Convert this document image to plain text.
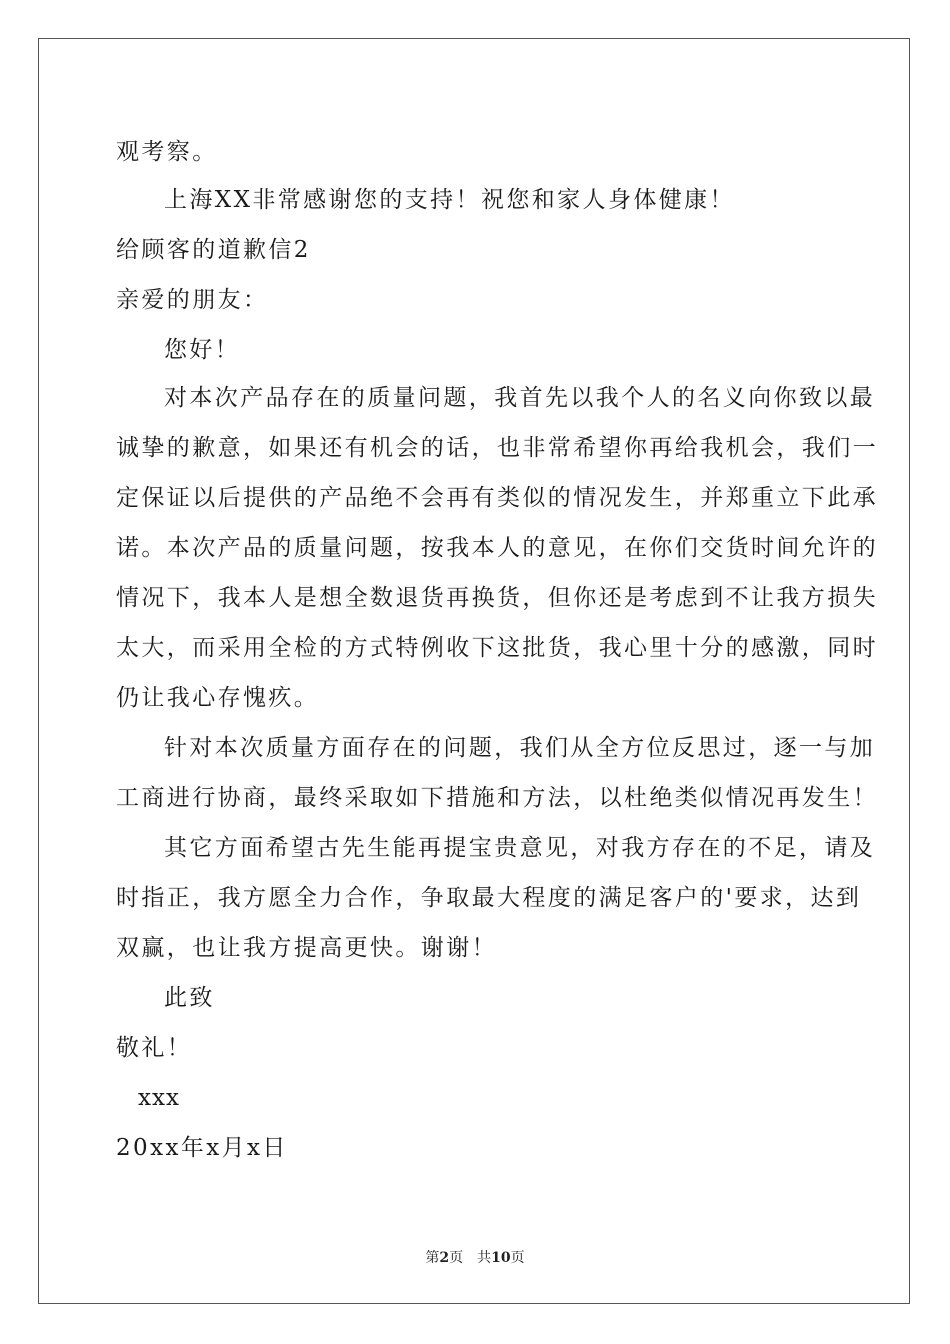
观考察。
上海XX非常感谢您的支持！祝您和家人身体健康！
给顾客的道歉信2
亲爱的朋友：
您好！
对本次产品存在的质量问题，我首先以我个人的名义向你致以最
诚挚的歉意，如果还有机会的话，也非常希望你再给我机会，我们一
定保证以后提供的产品绝不会再有类似的情况发生，并郑重立下此承
诺。本次产品的质量问题，按我本人的意见，在你们交货时间允许的
情况下，我本人是想全数退货再换货，但你还是考虑到不让我方损失
太大，而采用全检的方式特例收下这批货，我心里十分的感激，同时
仍让我心存愧疚。
针对本次质量方面存在的问题，我们从全方位反思过，逐一与加
工商进行协商，最终采取如下措施和方法，以杜绝类似情况再发生！
其它方面希望古先生能再提宝贵意见，对我方存在的不足，请及
时指正，我方愿全力合作，争取最大程度的满足客户的'要求，达到
双赢，也让我方提高更快。谢谢！
此致
敬礼！
xxx
20xx年x月x日
第2页　共10页
